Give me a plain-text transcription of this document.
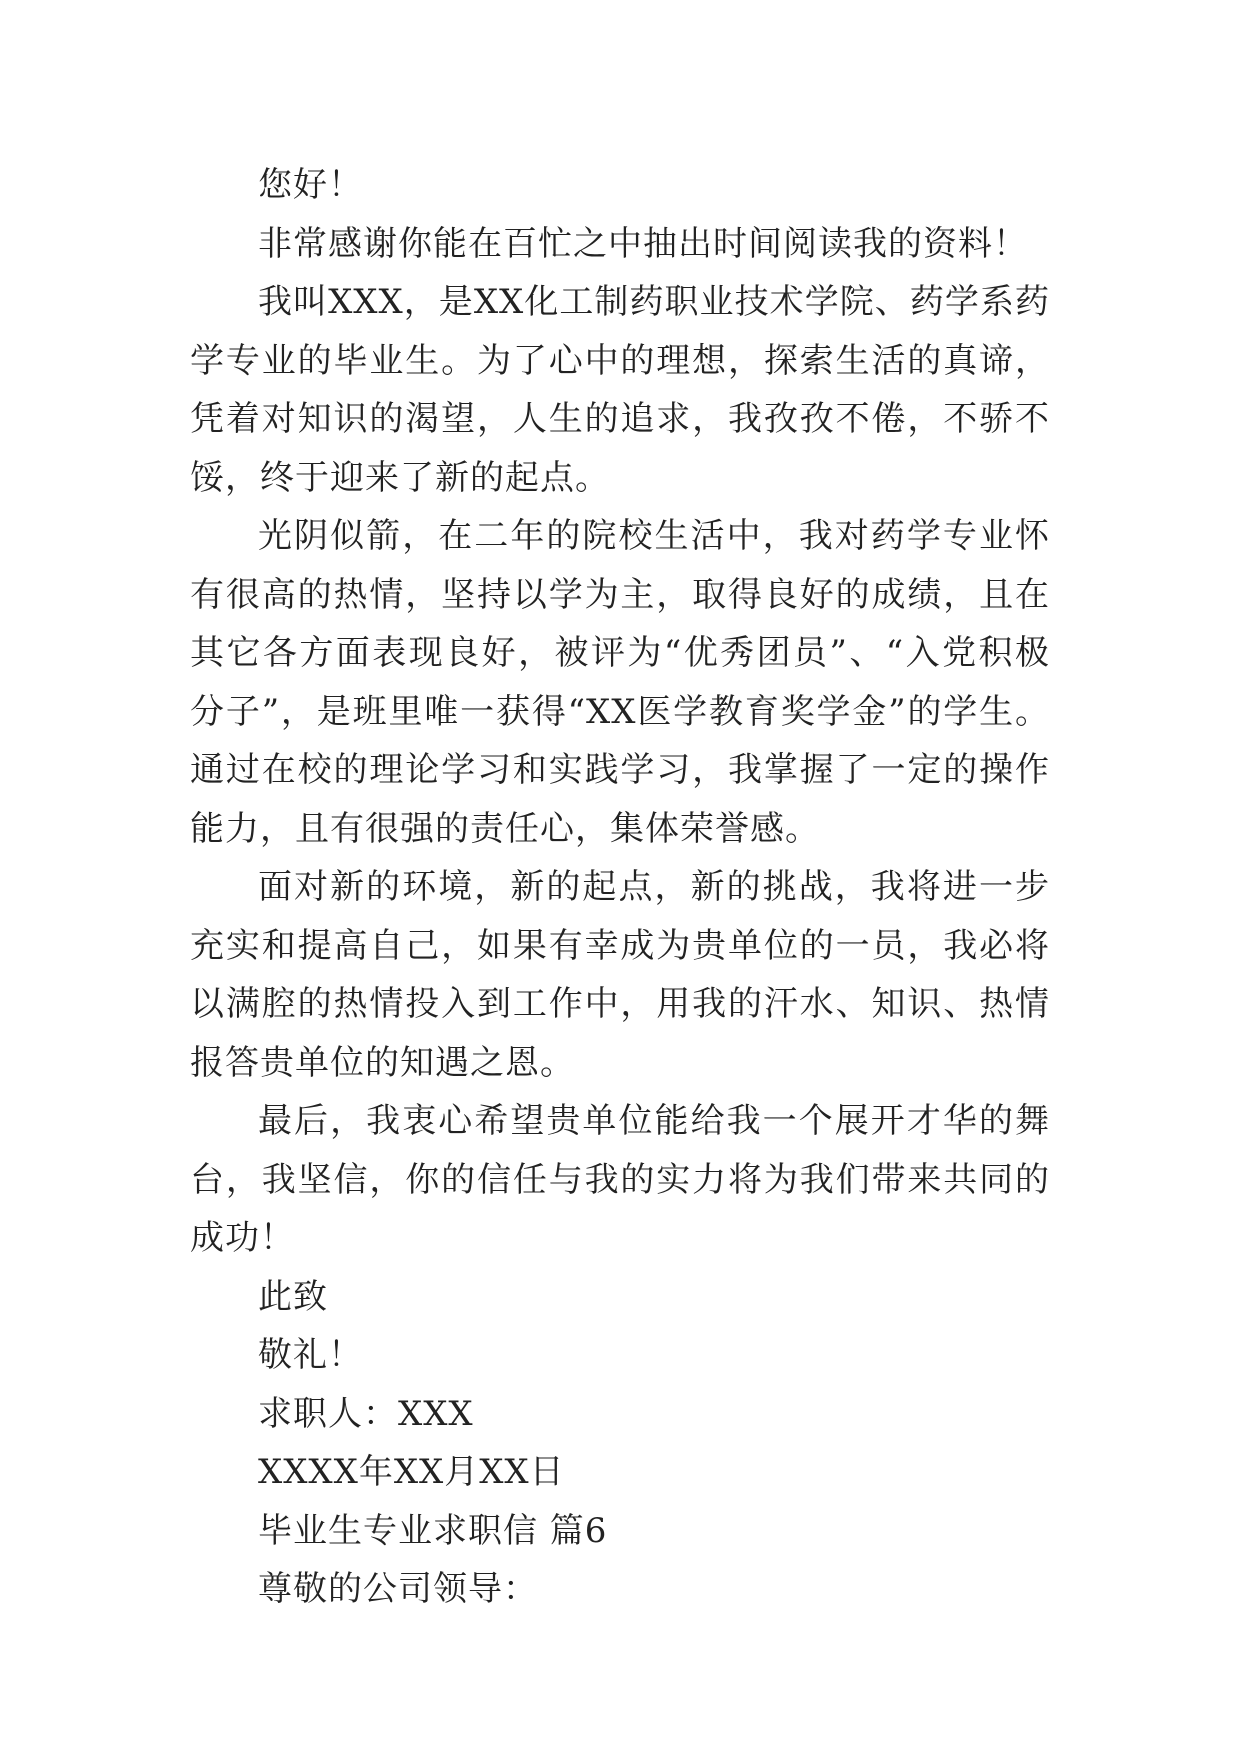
您好！

非常感谢你能在百忙之中抽出时间阅读我的资料！

我叫XXX，是XX化工制药职业技术学院、药学系药学专业的毕业生。为了心中的理想，探索生活的真谛，凭着对知识的渴望，人生的追求，我孜孜不倦，不骄不馁，终于迎来了新的起点。

光阴似箭，在二年的院校生活中，我对药学专业怀有很高的热情，坚持以学为主，取得良好的成绩，且在其它各方面表现良好，被评为“优秀团员”、“入党积极分子”，是班里唯一获得“XX医学教育奖学金”的学生。通过在校的理论学习和实践学习，我掌握了一定的操作能力，且有很强的责任心，集体荣誉感。

面对新的环境，新的起点，新的挑战，我将进一步充实和提高自己，如果有幸成为贵单位的一员，我必将以满腔的热情投入到工作中，用我的汗水、知识、热情报答贵单位的知遇之恩。

最后，我衷心希望贵单位能给我一个展开才华的舞台，我坚信，你的信任与我的实力将为我们带来共同的成功！

此致

敬礼！

求职人：XXX

XXXX年XX月XX日

毕业生专业求职信 篇6

尊敬的公司领导：
